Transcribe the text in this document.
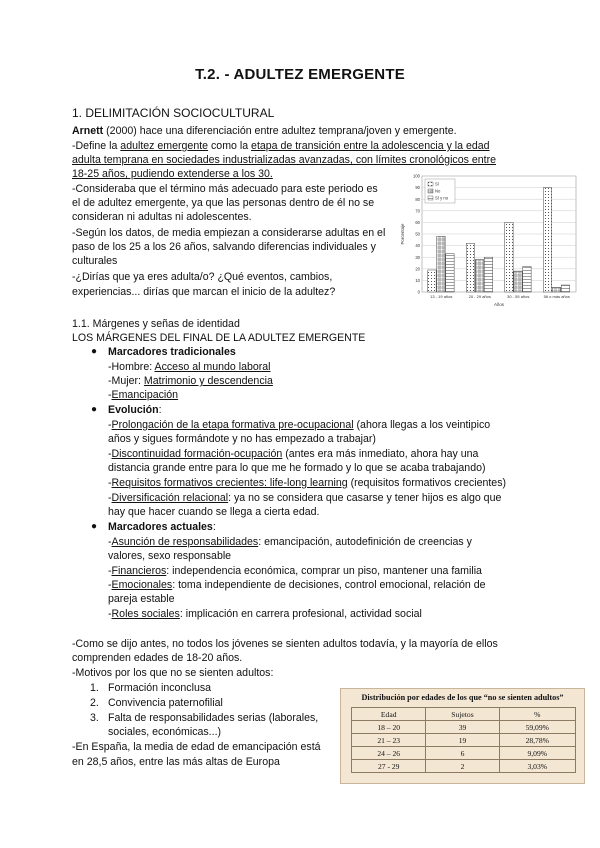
T.2. - ADULTEZ EMERGENTE
1. DELIMITACIÓN SOCIOCULTURAL
Arnett (2000) hace una diferenciación entre adultez temprana/joven y emergente.
-Define la adultez emergente como la etapa de transición entre la adolescencia y la edad
adulta temprana en sociedades industrializadas avanzadas, con límites cronológicos entre
18-25 años, pudiendo extenderse a los 30.
-Consideraba que el término más adecuado para este periodo es
el de adultez emergente, ya que las personas dentro de él no se
consideran ni adultas ni adolescentes.
-Según los datos, de media empiezan a considerarse adultas en el
paso de los 25 a los 26 años, salvando diferencias individuales y
culturales
-¿Dirías que ya eres adulta/o? ¿Qué eventos, cambios,
experiencias... dirías que marcan el inicio de la adultez?	0
10
20
30
40
50
60
70
80
90
100
13 - 19 años	20 - 29 años	30 - 55 años	56 o más años
Años
Porcentaje
Sí
No
Sí y no
1.1. Márgenes y señas de identidad
LOS MÁRGENES DEL FINAL DE LA ADULTEZ EMERGENTE
● Marcadores tradicionales
-Hombre: Acceso al mundo laboral
-Mujer: Matrimonio y descendencia
-Emancipación
● Evolución:
-Prolongación de la etapa formativa pre-ocupacional (ahora llegas a los veintipico
años y sigues formándote y no has empezado a trabajar)
-Discontinuidad formación-ocupación (antes era más inmediato, ahora hay una
distancia grande entre para lo que me he formado y lo que se acaba trabajando)
-Requisitos formativos crecientes: life-long learning (requisitos formativos crecientes)
-Diversificación relacional: ya no se considera que casarse y tener hijos es algo que
hay que hacer cuando se llega a cierta edad.
● Marcadores actuales:
-Asunción de responsabilidades: emancipación, autodefinición de creencias y
valores, sexo responsable
-Financieros: independencia económica, comprar un piso, mantener una familia
-Emocionales: toma independiente de decisiones, control emocional, relación de
pareja estable
-Roles sociales: implicación en carrera profesional, actividad social
-Como se dijo antes, no todos los jóvenes se sienten adultos todavía, y la mayoría de ellos
comprenden edades de 18-20 años.
-Motivos por los que no se sienten adultos:
1. Formación inconclusa
2. Convivencia paternofilial
3. Falta de responsabilidades serias (laborales,
sociales, económicas...)
-En España, la media de edad de emancipación está
en 28,5 años, entre las más altas de Europa
Distribución por edades de los que “no se sienten adultos”
Edad	Sujetos	%
18 – 20	39	59,09%
21 – 23	19	28,78%
24 – 26	6	9,09%
27 - 29	2	3,03%
